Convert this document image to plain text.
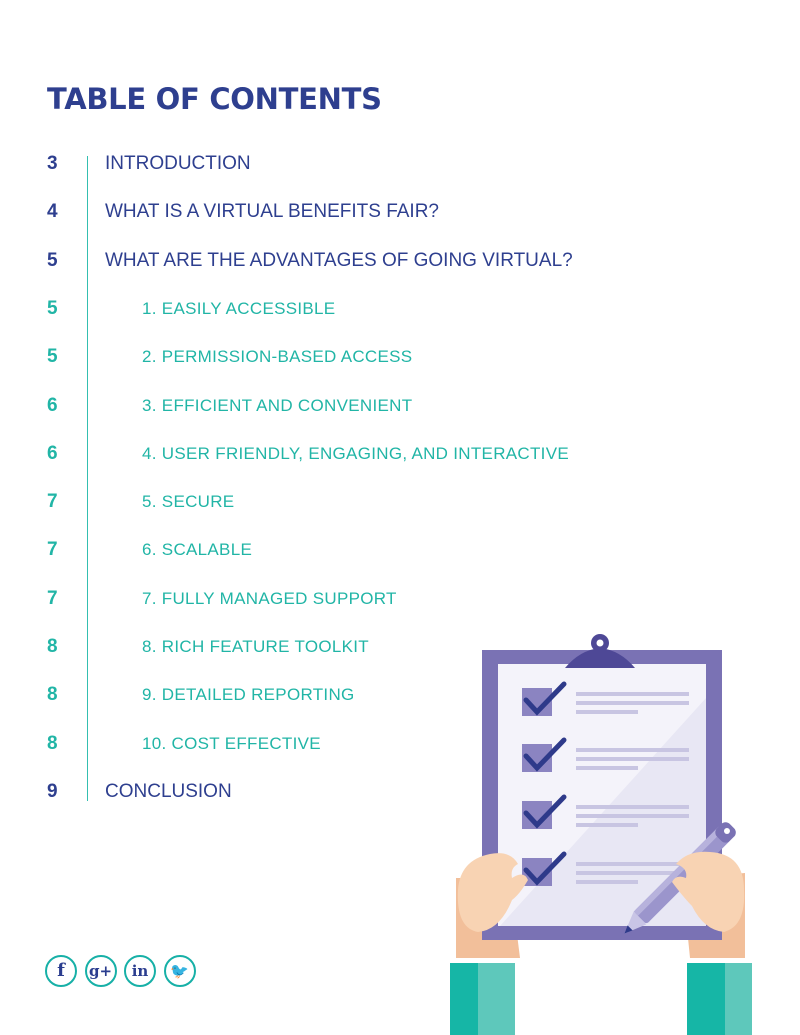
TABLE OF CONTENTS
3	INTRODUCTION
4	WHAT IS A VIRTUAL BENEFITS FAIR?
5	WHAT ARE THE ADVANTAGES OF GOING VIRTUAL?
5	1. EASILY ACCESSIBLE
5	2. PERMISSION-BASED ACCESS
6	3. EFFICIENT AND CONVENIENT
6	4. USER FRIENDLY, ENGAGING, AND INTERACTIVE
7	5. SECURE
7	6. SCALABLE
7	7. FULLY MANAGED SUPPORT
8	8. RICH FEATURE TOOLKIT
8	9. DETAILED REPORTING
8	10. COST EFFECTIVE
9	CONCLUSION
f	g+	in	🐦
